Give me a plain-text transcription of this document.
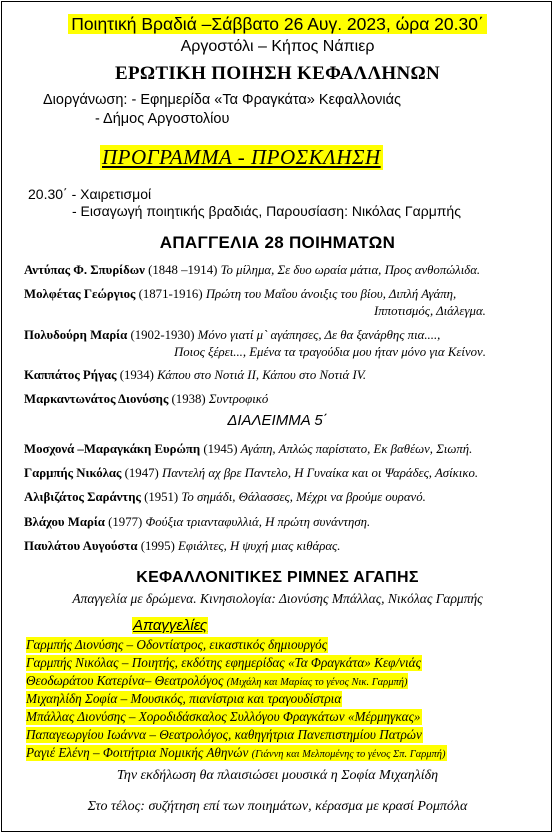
Ποιητική Βραδιά –Σάββατο 26 Αυγ. 2023, ώρα 20.30΄
Αργοστόλι – Κήπος Νάπιερ
ΕΡΩΤΙΚΗ ΠΟΙΗΣΗ ΚΕΦΑΛΛΗΝΩΝ
Διοργάνωση: - Εφημερίδα «Τα Φραγκάτα» Κεφαλλονιάς
- Δήμος Αργοστολίου
ΠΡΟΓΡΑΜΜΑ - ΠΡΟΣΚΛΗΣΗ
20.30΄ - Χαιρετισμοί
- Εισαγωγή ποιητικής βραδιάς, Παρουσίαση: Νικόλας Γαρμπής
ΑΠΑΓΓΕΛΙΑ 28 ΠΟΙΗΜΑΤΩΝ
Αντύπας Φ. Σπυρίδων (1848 –1914) Το μίλημα, Σε δυο ωραία μάτια, Προς ανθοπώλιδα.
Μολφέτας Γεώργιος (1871-1916) Πρώτη του Μαΐου άνοιξις του βίου, Διπλή Αγάπη,
Ιπποτισμός, Διάλεγμα.
Πολυδούρη Μαρία (1902-1930) Μόνο γιατί μ` αγάπησες, Δε θα ξανάρθης πια....,
Ποιος ξέρει..., Εμένα τα τραγούδια μου ήταν μόνο για Κείνον.
Καππάτος Ρήγας (1934) Κάπου στο Νοτιά ΙΙ, Κάπου στο Νοτιά IV.
Μαρκαντωνάτος Διονύσης (1938) Συντροφικό
ΔΙΑΛΕΙΜΜΑ 5΄
Μοσχονά –Μαραγκάκη Ευρώπη (1945) Αγάπη, Απλώς παρίστατο, Εκ βαθέων, Σιωπή.
Γαρμπής Νικόλας (1947) Παντελή αχ βρε Παντελο, Η Γυναίκα και οι Ψαράδες, Ασίκικο.
Αλιβιζάτος Σαράντης (1951) Το σημάδι, Θάλασσες, Μέχρι να βρούμε ουρανό.
Βλάχου Μαρία (1977) Φούξια τριανταφυλλιά, Η πρώτη συνάντηση.
Παυλάτου Αυγούστα (1995) Εφιάλτες, Η ψυχή μιας κιθάρας.
ΚΕΦΑΛΛΟΝΙΤΙΚΕΣ ΡΙΜΝΕΣ ΑΓΑΠΗΣ
Απαγγελία με δρώμενα. Κινησιολογία: Διονύσης Μπάλλας, Νικόλας Γαρμπής
Απαγγελίες
Γαρμπής Διονύσης – Οδοντίατρος, εικαστικός δημιουργός
Γαρμπής Νικόλας – Ποιητής, εκδότης εφημερίδας «Τα Φραγκάτα» Κεφ/νιάς
Θεοδωράτου Κατερίνα– Θεατρολόγος (Μιχάλη και Μαρίας το γένος Νικ. Γαρμπή)
Μιχαηλίδη Σοφία – Μουσικός, πιανίστρια και τραγουδίστρια
Μπάλλας Διονύσης – Χοροδιδάσκαλος Συλλόγου Φραγκάτων «Μέρμηγκας»
Παπαγεωργίου Ιωάννα – Θεατρολόγος, καθηγήτρια Πανεπιστημίου Πατρών
Ραγιέ Ελένη – Φοιτήτρια Νομικής Αθηνών (Γιάννη και Μελπομένης το γένος Σπ. Γαρμπή)
Την εκδήλωση θα πλαισιώσει μουσικά η Σοφία Μιχαηλίδη
Στο τέλος: συζήτηση επί των ποιημάτων, κέρασμα με κρασί Ρομπόλα
